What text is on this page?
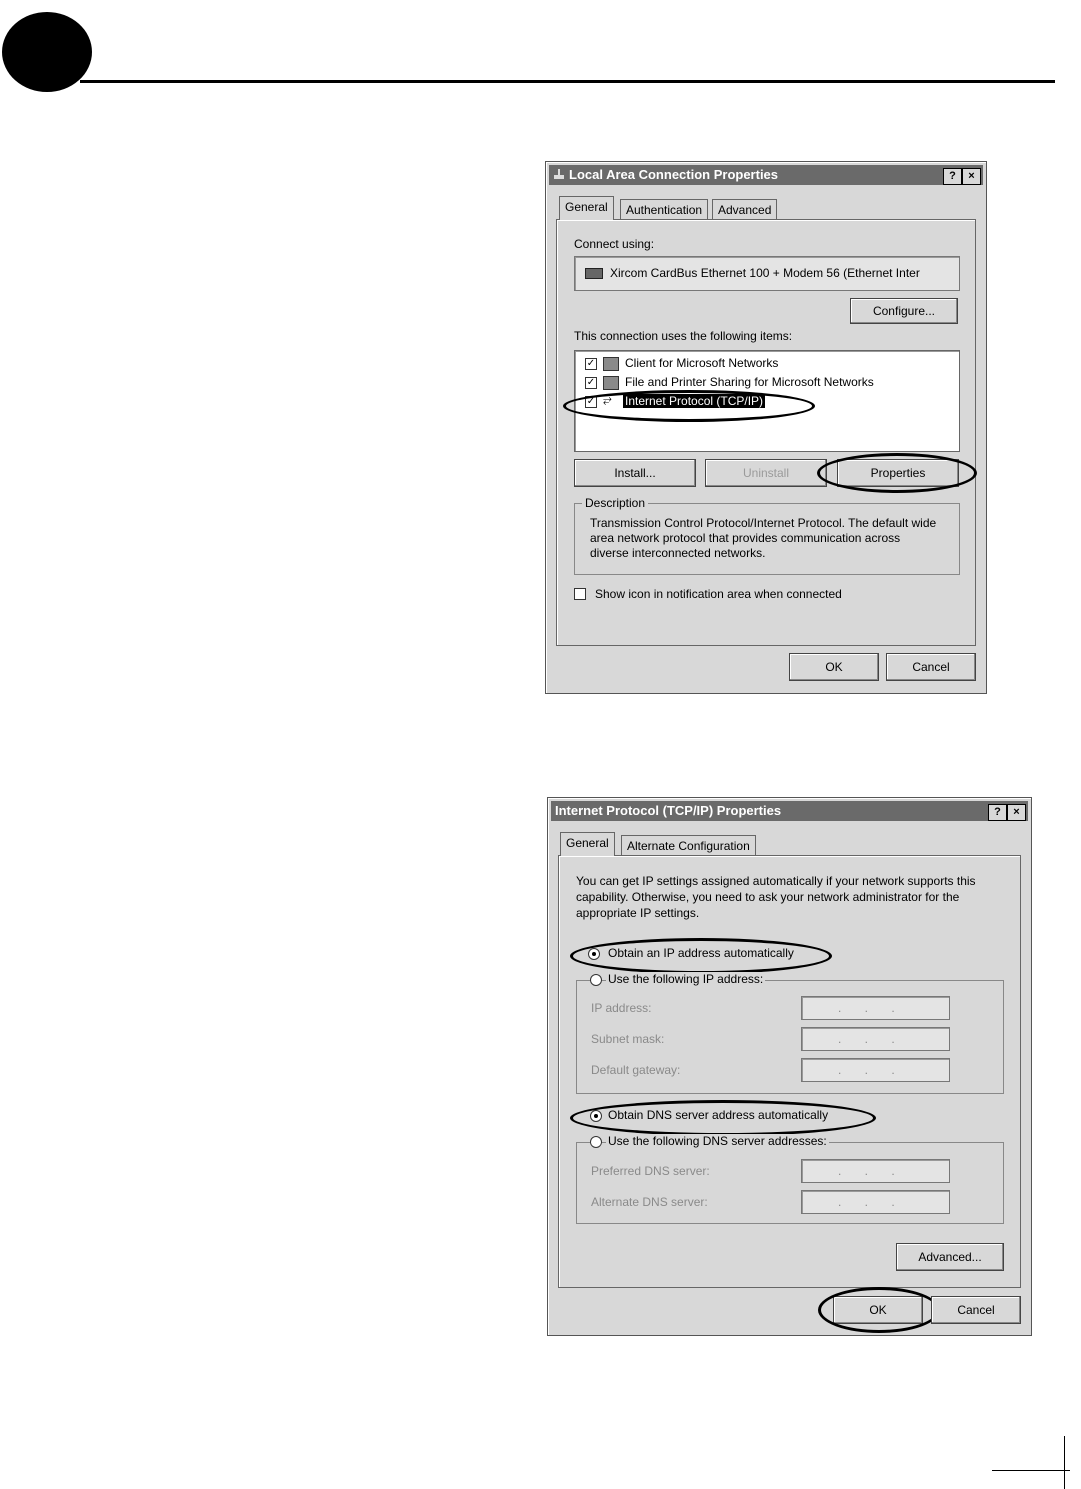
Local Area Connection Properties	?	×
General	Authentication	Advanced
Connect using:
Xircom CardBus Ethernet 100 + Modem 56 (Ethernet Inter
Configure...
This connection uses the following items:
✓ Client for Microsoft Networks
✓ File and Printer Sharing for Microsoft Networks
✓ ⥂ Internet Protocol (TCP/IP)
Install...	Uninstall	Properties
Description
Transmission Control Protocol/Internet Protocol. The default wide area network protocol that provides communication across diverse interconnected networks.
Show icon in notification area when connected
OK	Cancel
Internet Protocol (TCP/IP) Properties	?	×
General	Alternate Configuration
You can get IP settings assigned automatically if your network supports this capability. Otherwise, you need to ask your network administrator for the appropriate IP settings.
Obtain an IP address automatically
Use the following IP address:
IP address:	.       .       .
Subnet mask:	.       .       .
Default gateway:	.       .       .
Obtain DNS server address automatically
Use the following DNS server addresses:
Preferred DNS server:	.       .       .
Alternate DNS server:	.       .       .
Advanced...
OK	Cancel
